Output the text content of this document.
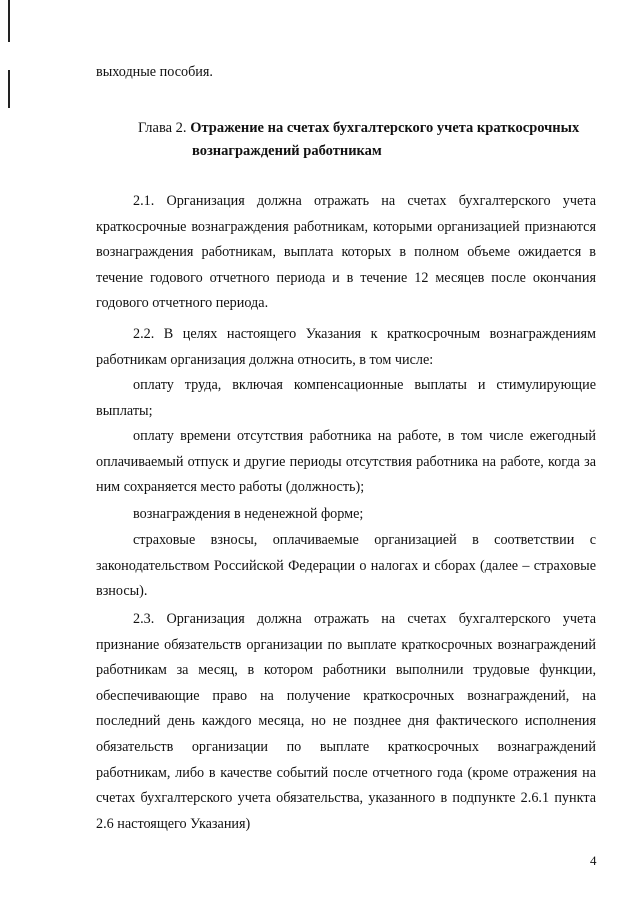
выходные пособия.

Глава 2. Отражение на счетах бухгалтерского учета краткосрочных
вознаграждений работникам

2.1. Организация должна отражать на счетах бухгалтерского учета краткосрочные вознаграждения работникам, которыми организацией признаются вознаграждения работникам, выплата которых в полном объеме ожидается в течение годового отчетного периода и в течение 12 месяцев после окончания годового отчетного периода.

2.2. В целях настоящего Указания к краткосрочным вознаграждениям работникам организация должна относить, в том числе:

оплату труда, включая компенсационные выплаты и стимулирующие выплаты;

оплату времени отсутствия работника на работе, в том числе ежегодный оплачиваемый отпуск и другие периоды отсутствия работника на работе, когда за ним сохраняется место работы (должность);

вознаграждения в неденежной форме;

страховые взносы, оплачиваемые организацией в соответствии с законодательством Российской Федерации о налогах и сборах (далее – страховые взносы).

2.3. Организация должна отражать на счетах бухгалтерского учета признание обязательств организации по выплате краткосрочных вознаграждений работникам за месяц, в котором работники выполнили трудовые функции, обеспечивающие право на получение краткосрочных вознаграждений, на последний день каждого месяца, но не позднее дня фактического исполнения обязательств организации по выплате краткосрочных вознаграждений работникам, либо в качестве событий после отчетного года (кроме отражения на счетах бухгалтерского учета обязательства, указанного в подпункте 2.6.1 пункта 2.6 настоящего Указания)

4
